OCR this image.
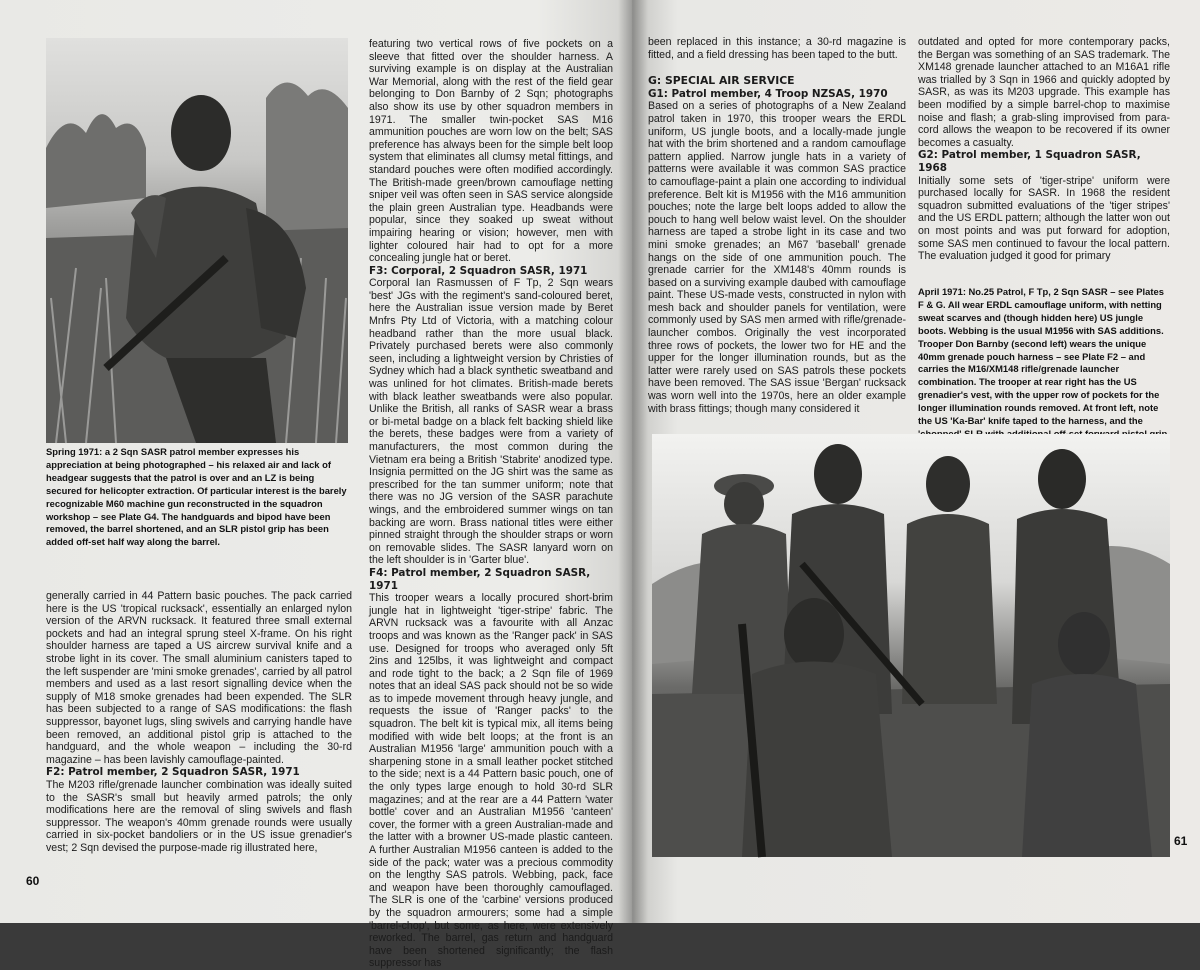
Spring 1971: a 2 Sqn SASR patrol member expresses his appreciation at being photographed – his relaxed air and lack of headgear suggests that the patrol is over and an LZ is being secured for helicopter extraction. Of particular interest is the barely recognizable M60 machine gun reconstructed in the squadron workshop – see Plate G4. The handguards and bipod have been removed, the barrel shortened, and an SLR pistol grip has been added off-set half way along the barrel.

generally carried in 44 Pattern basic pouches. The pack carried here is the US 'tropical rucksack', essentially an enlarged nylon version of the ARVN rucksack. It featured three small external pockets and had an integral sprung steel X-frame. On his right shoulder harness are taped a US aircrew survival knife and a strobe light in its cover. The small aluminium canisters taped to the left suspender are 'mini smoke grenades', carried by all patrol members and used as a last resort signalling device when the supply of M18 smoke grenades had been expended. The SLR has been subjected to a range of SAS modifications: the flash suppressor, bayonet lugs, sling swivels and carrying handle have been removed, an additional pistol grip is attached to the handguard, and the whole weapon – including the 30-rd magazine – has been lavishly camouflage-painted.

F2: Patrol member, 2 Squadron SASR, 1971

The M203 rifle/grenade launcher combination was ideally suited to the SASR's small but heavily armed patrols; the only modifications here are the removal of sling swivels and flash suppressor. The weapon's 40mm grenade rounds were usually carried in six-pocket bandoliers or in the US issue grenadier's vest; 2 Sqn devised the purpose-made rig illustrated here,

featuring two vertical rows of five pockets on a sleeve that fitted over the shoulder harness. A surviving example is on display at the Australian War Memorial, along with the rest of the field gear belonging to Don Barnby of 2 Sqn; photographs also show its use by other squadron members in 1971. The smaller twin-pocket SAS M16 ammunition pouches are worn low on the belt; SAS preference has always been for the simple belt loop system that eliminates all clumsy metal fittings, and standard pouches were often modified accordingly. The British-made green/brown camouflage netting sniper veil was often seen in SAS service alongside the plain green Australian type. Headbands were popular, since they soaked up sweat without impairing hearing or vision; however, men with lighter coloured hair had to opt for a more concealing jungle hat or beret.

F3: Corporal, 2 Squadron SASR, 1971

Corporal Ian Rasmussen of F Tp, 2 Sqn wears 'best' JGs with the regiment's sand-coloured beret, here the Australian issue version made by Beret Mnfrs Pty Ltd of Victoria, with a matching colour headband rather than the more usual black. Privately purchased berets were also commonly seen, including a lightweight version by Christies of Sydney which had a black synthetic sweatband and was unlined for hot climates. British-made berets with black leather sweatbands were also popular. Unlike the British, all ranks of SASR wear a brass or bi-metal badge on a black felt backing shield like the berets, these badges were from a variety of manufacturers, the most common during the Vietnam era being a British 'Stabrite' anodized type. Insignia permitted on the JG shirt was the same as prescribed for the tan summer uniform; note that there was no JG version of the SASR parachute wings, and the embroidered summer wings on tan backing are worn. Brass national titles were either pinned straight through the shoulder straps or worn on removable slides. The SASR lanyard worn on the left shoulder is in 'Garter blue'.

F4: Patrol member, 2 Squadron SASR, 1971

This trooper wears a locally procured short-brim jungle hat in lightweight 'tiger-stripe' fabric. The ARVN rucksack was a favourite with all Anzac troops and was known as the 'Ranger pack' in SAS use. Designed for troops who averaged only 5ft 2ins and 125lbs, it was lightweight and compact and rode tight to the back; a 2 Sqn file of 1969 notes that an ideal SAS pack should not be so wide as to impede movement through heavy jungle, and requests the issue of 'Ranger packs' to the squadron. The belt kit is typical mix, all items being modified with wide belt loops; at the front is an Australian M1956 'large' ammunition pouch with a sharpening stone in a small leather pocket stitched to the side; next is a 44 Pattern basic pouch, one of the only types large enough to hold 30-rd SLR magazines; and at the rear are a 44 Pattern 'water bottle' cover and an Australian M1956 'canteen' cover, the former with a green Australian-made and the latter with a browner US-made plastic canteen. A further Australian M1956 canteen is added to the side of the pack; water was a precious commodity on the lengthy SAS patrols. Webbing, pack, face and weapon have been thoroughly camouflaged. The SLR is one of the 'carbine' versions produced by the squadron armourers; some had a simple 'barrel-chop', but some, as here, were extensively reworked. The barrel, gas return and handguard have been shortened significantly; the flash suppressor has

60

been replaced in this instance; a 30-rd magazine is fitted, and a field dressing has been taped to the butt.

G: SPECIAL AIR SERVICE

G1: Patrol member, 4 Troop NZSAS, 1970

Based on a series of photographs of a New Zealand patrol taken in 1970, this trooper wears the ERDL uniform, US jungle boots, and a locally-made jungle hat with the brim shortened and a random camouflage pattern applied. Narrow jungle hats in a variety of patterns were available it was common SAS practice to camouflage-paint a plain one according to individual preference. Belt kit is M1956 with the M16 ammunition pouches; note the large belt loops added to allow the pouch to hang well below waist level. On the shoulder harness are taped a strobe light in its case and two mini smoke grenades; an M67 'baseball' grenade hangs on the side of one ammunition pouch. The grenade carrier for the XM148's 40mm rounds is based on a surviving example daubed with camouflage paint. These US-made vests, constructed in nylon with mesh back and shoulder panels for ventilation, were commonly used by SAS men armed with rifle/grenade-launcher combos. Originally the vest incorporated three rows of pockets, the lower two for HE and the upper for the longer illumination rounds, but as the latter were rarely used on SAS patrols these pockets have been removed. The SAS issue 'Bergan' rucksack was worn well into the 1970s, here an older example with brass fittings; though many considered it

outdated and opted for more contemporary packs, the Bergan was something of an SAS trademark. The XM148 grenade launcher attached to an M16A1 rifle was trialled by 3 Sqn in 1966 and quickly adopted by SASR, as was its M203 upgrade. This example has been modified by a simple barrel-chop to maximise noise and flash; a grab-sling improvised from para-cord allows the weapon to be recovered if its owner becomes a casualty.

G2: Patrol member, 1 Squadron SASR, 1968

Initially some sets of 'tiger-stripe' uniform were purchased locally for SASR. In 1968 the resident squadron submitted evaluations of the 'tiger stripes' and the US ERDL pattern; although the latter won out on most points and was put forward for adoption, some SAS men continued to favour the local pattern. The evaluation judged it good for primary

April 1971: No.25 Patrol, F Tp, 2 Sqn SASR – see Plates F & G. All wear ERDL camouflage uniform, with netting sweat scarves and (though hidden here) US jungle boots. Webbing is the usual M1956 with SAS additions. Trooper Don Barnby (second left) wears the unique 40mm grenade pouch harness – see Plate F2 – and carries the M16/XM148 rifle/grenade launcher combination. The trooper at rear right has the US grenadier's vest, with the upper row of pockets for the longer illumination rounds removed. At front left, note the US 'Ka-Bar' knife taped to the harness, and the

61
